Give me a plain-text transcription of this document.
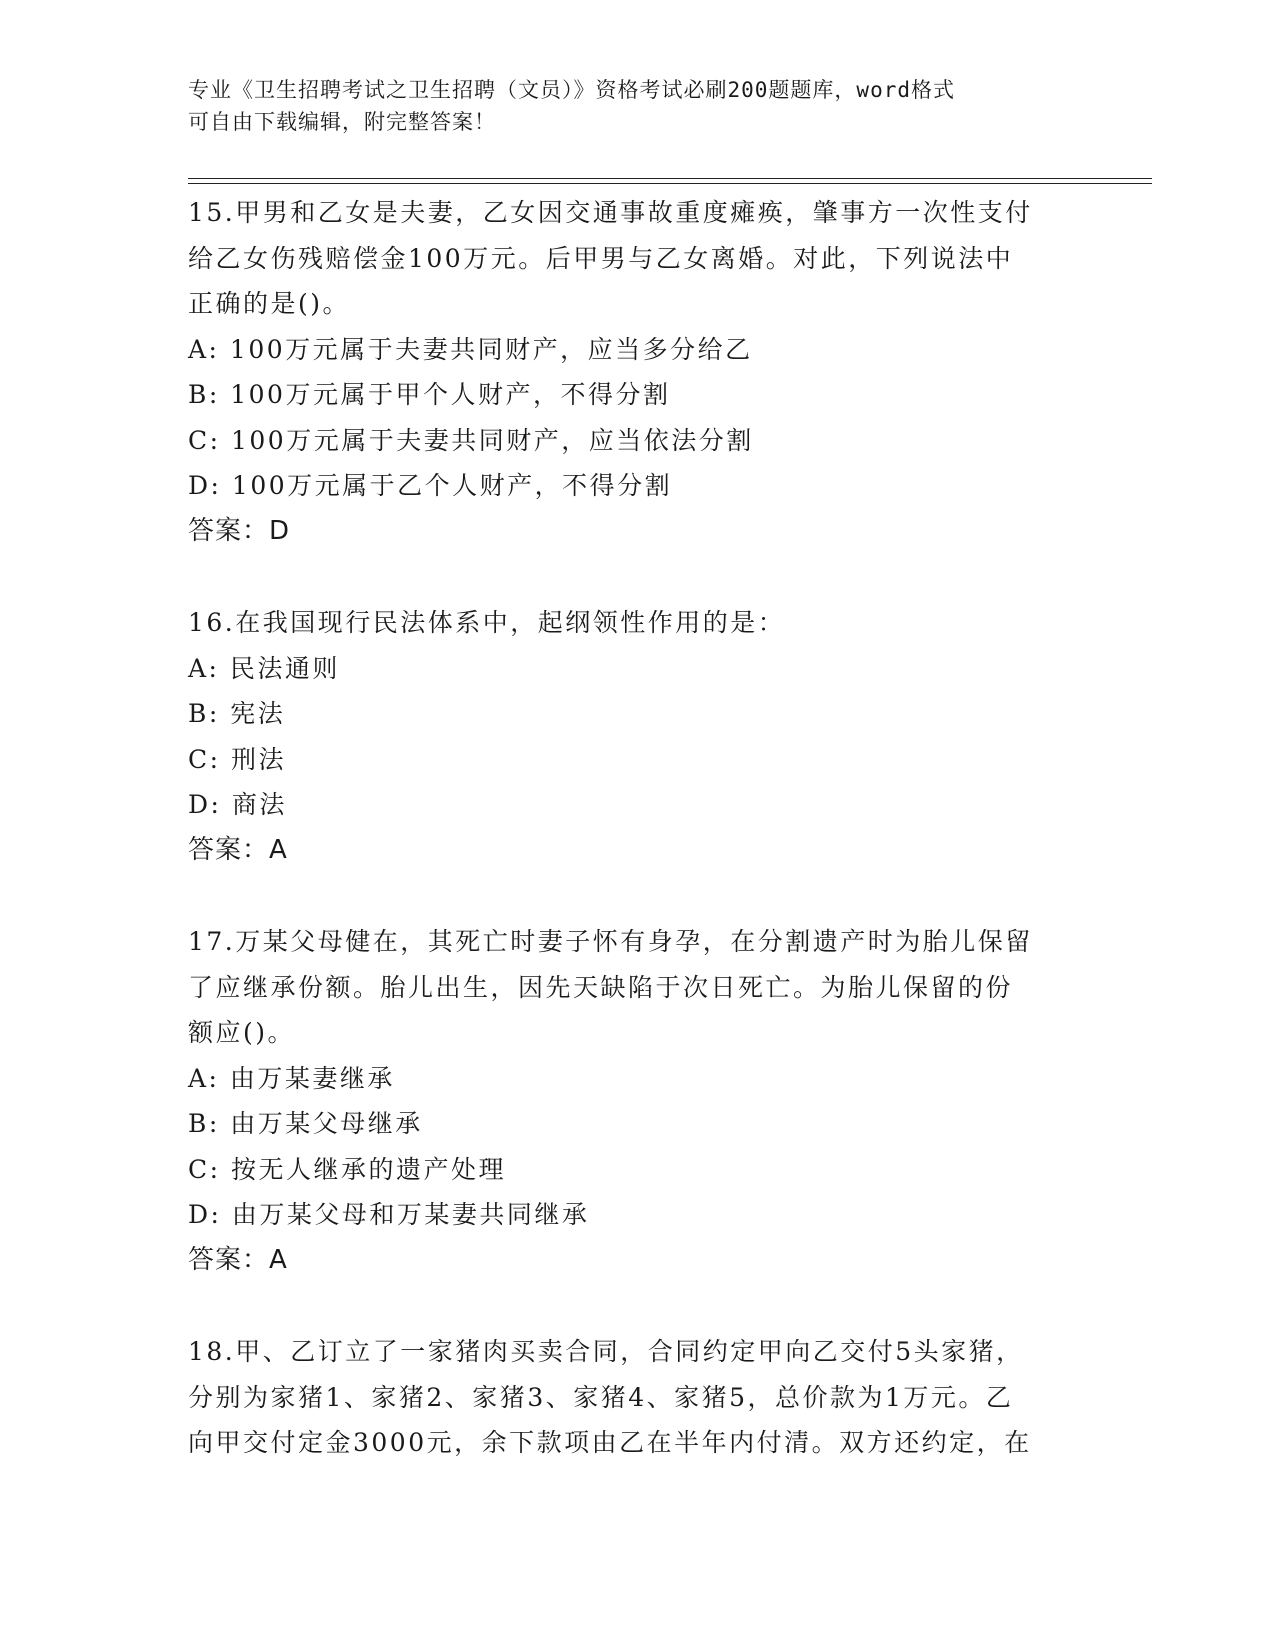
专业《卫生招聘考试之卫生招聘（文员）》资格考试必刷200题题库，word格式
可自由下载编辑，附完整答案！
15.甲男和乙女是夫妻，乙女因交通事故重度瘫痪，肇事方一次性支付
给乙女伤残赔偿金100万元。后甲男与乙女离婚。对此，下列说法中
正确的是()。
A: 100万元属于夫妻共同财产，应当多分给乙
B: 100万元属于甲个人财产，不得分割
C: 100万元属于夫妻共同财产，应当依法分割
D: 100万元属于乙个人财产，不得分割
答案：D
16.在我国现行民法体系中，起纲领性作用的是：
A: 民法通则
B: 宪法
C: 刑法
D: 商法
答案：A
17.万某父母健在，其死亡时妻子怀有身孕，在分割遗产时为胎儿保留
了应继承份额。胎儿出生，因先天缺陷于次日死亡。为胎儿保留的份
额应()。
A: 由万某妻继承
B: 由万某父母继承
C: 按无人继承的遗产处理
D: 由万某父母和万某妻共同继承
答案：A
18.甲、乙订立了一家猪肉买卖合同，合同约定甲向乙交付5头家猪，
分别为家猪1、家猪2、家猪3、家猪4、家猪5，总价款为1万元。乙
向甲交付定金3000元，余下款项由乙在半年内付清。双方还约定，在
